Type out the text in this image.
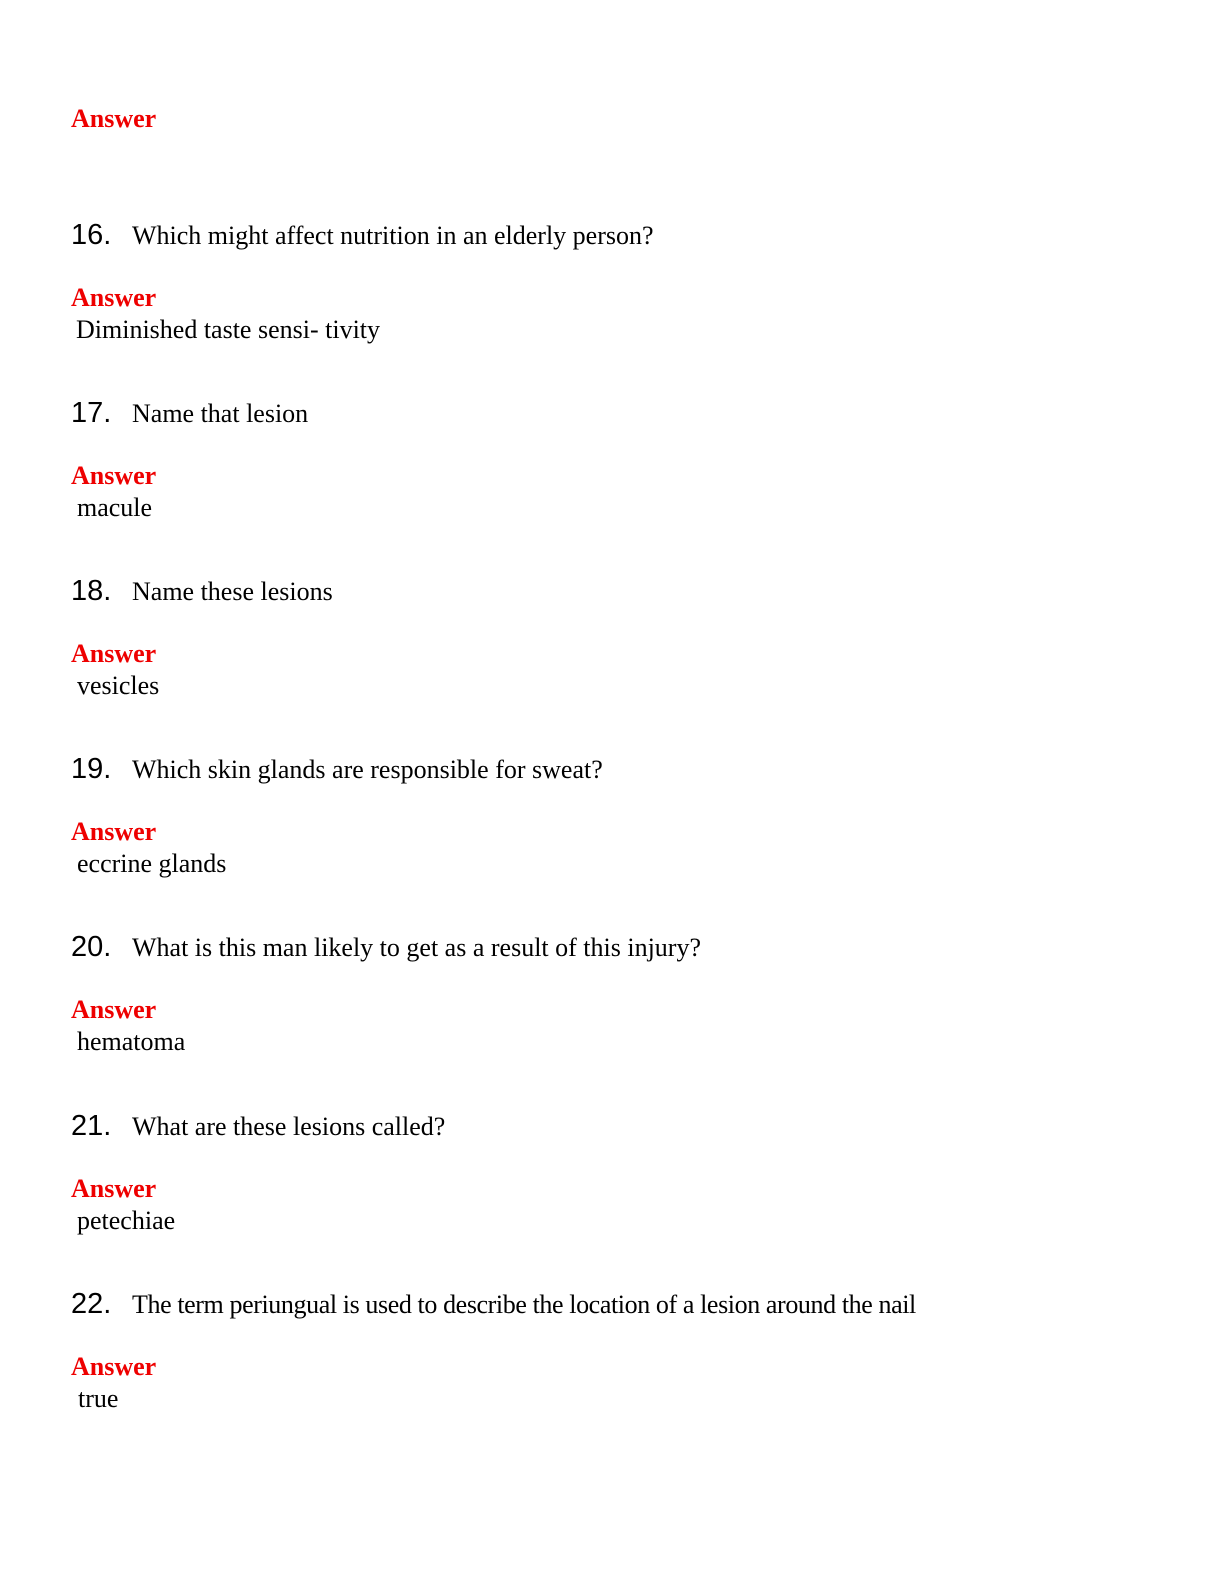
Answer
16. Which might affect nutrition in an elderly person?
Answer
Diminished taste sensi- tivity
17. Name that lesion
Answer
macule
18. Name these lesions
Answer
vesicles
19. Which skin glands are responsible for sweat?
Answer
eccrine glands
20. What is this man likely to get as a result of this injury?
Answer
hematoma
21. What are these lesions called?
Answer
petechiae
22. The term periungual is used to describe the location of a lesion around the nail
Answer
true
